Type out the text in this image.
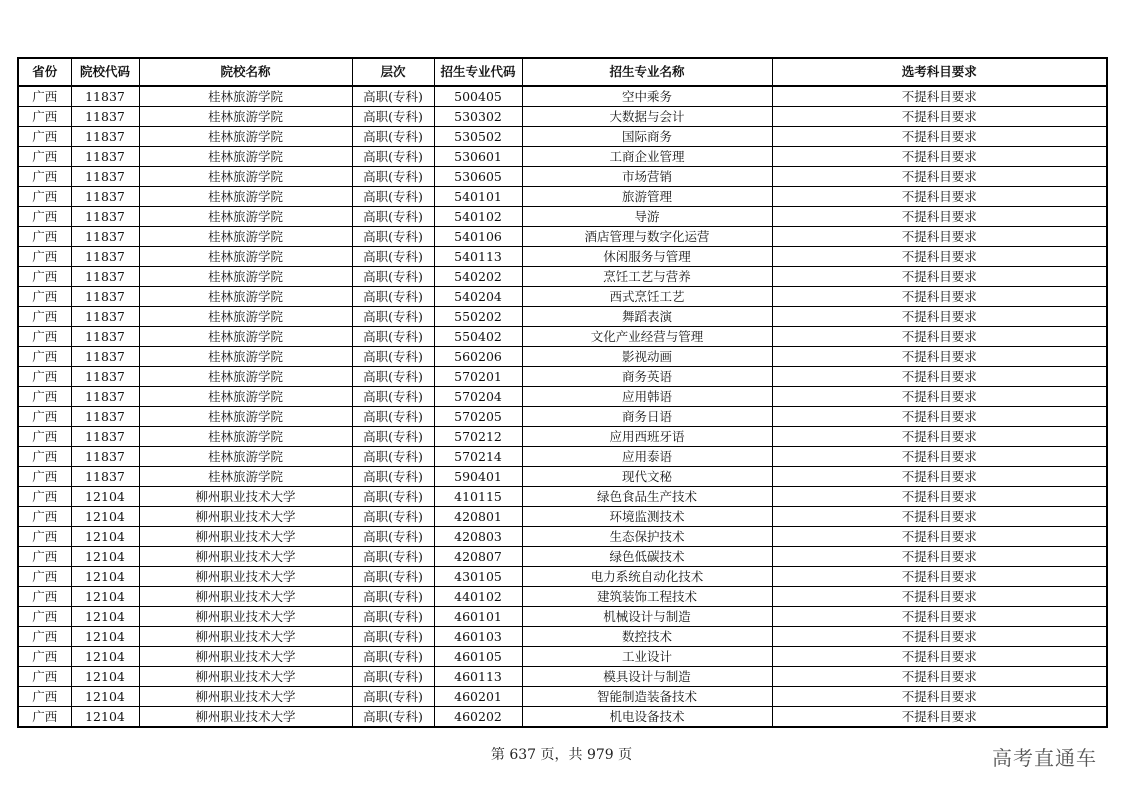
省份	院校代码	院校名称	层次	招生专业代码	招生专业名称	选考科目要求
广西	11837	桂林旅游学院	高职(专科)	500405	空中乘务	不提科目要求
广西	11837	桂林旅游学院	高职(专科)	530302	大数据与会计	不提科目要求
广西	11837	桂林旅游学院	高职(专科)	530502	国际商务	不提科目要求
广西	11837	桂林旅游学院	高职(专科)	530601	工商企业管理	不提科目要求
广西	11837	桂林旅游学院	高职(专科)	530605	市场营销	不提科目要求
广西	11837	桂林旅游学院	高职(专科)	540101	旅游管理	不提科目要求
广西	11837	桂林旅游学院	高职(专科)	540102	导游	不提科目要求
广西	11837	桂林旅游学院	高职(专科)	540106	酒店管理与数字化运营	不提科目要求
广西	11837	桂林旅游学院	高职(专科)	540113	休闲服务与管理	不提科目要求
广西	11837	桂林旅游学院	高职(专科)	540202	烹饪工艺与营养	不提科目要求
广西	11837	桂林旅游学院	高职(专科)	540204	西式烹饪工艺	不提科目要求
广西	11837	桂林旅游学院	高职(专科)	550202	舞蹈表演	不提科目要求
广西	11837	桂林旅游学院	高职(专科)	550402	文化产业经营与管理	不提科目要求
广西	11837	桂林旅游学院	高职(专科)	560206	影视动画	不提科目要求
广西	11837	桂林旅游学院	高职(专科)	570201	商务英语	不提科目要求
广西	11837	桂林旅游学院	高职(专科)	570204	应用韩语	不提科目要求
广西	11837	桂林旅游学院	高职(专科)	570205	商务日语	不提科目要求
广西	11837	桂林旅游学院	高职(专科)	570212	应用西班牙语	不提科目要求
广西	11837	桂林旅游学院	高职(专科)	570214	应用泰语	不提科目要求
广西	11837	桂林旅游学院	高职(专科)	590401	现代文秘	不提科目要求
广西	12104	柳州职业技术大学	高职(专科)	410115	绿色食品生产技术	不提科目要求
广西	12104	柳州职业技术大学	高职(专科)	420801	环境监测技术	不提科目要求
广西	12104	柳州职业技术大学	高职(专科)	420803	生态保护技术	不提科目要求
广西	12104	柳州职业技术大学	高职(专科)	420807	绿色低碳技术	不提科目要求
广西	12104	柳州职业技术大学	高职(专科)	430105	电力系统自动化技术	不提科目要求
广西	12104	柳州职业技术大学	高职(专科)	440102	建筑装饰工程技术	不提科目要求
广西	12104	柳州职业技术大学	高职(专科)	460101	机械设计与制造	不提科目要求
广西	12104	柳州职业技术大学	高职(专科)	460103	数控技术	不提科目要求
广西	12104	柳州职业技术大学	高职(专科)	460105	工业设计	不提科目要求
广西	12104	柳州职业技术大学	高职(专科)	460113	模具设计与制造	不提科目要求
广西	12104	柳州职业技术大学	高职(专科)	460201	智能制造装备技术	不提科目要求
广西	12104	柳州职业技术大学	高职(专科)	460202	机电设备技术	不提科目要求
第 637 页，共 979 页	高考直通车
